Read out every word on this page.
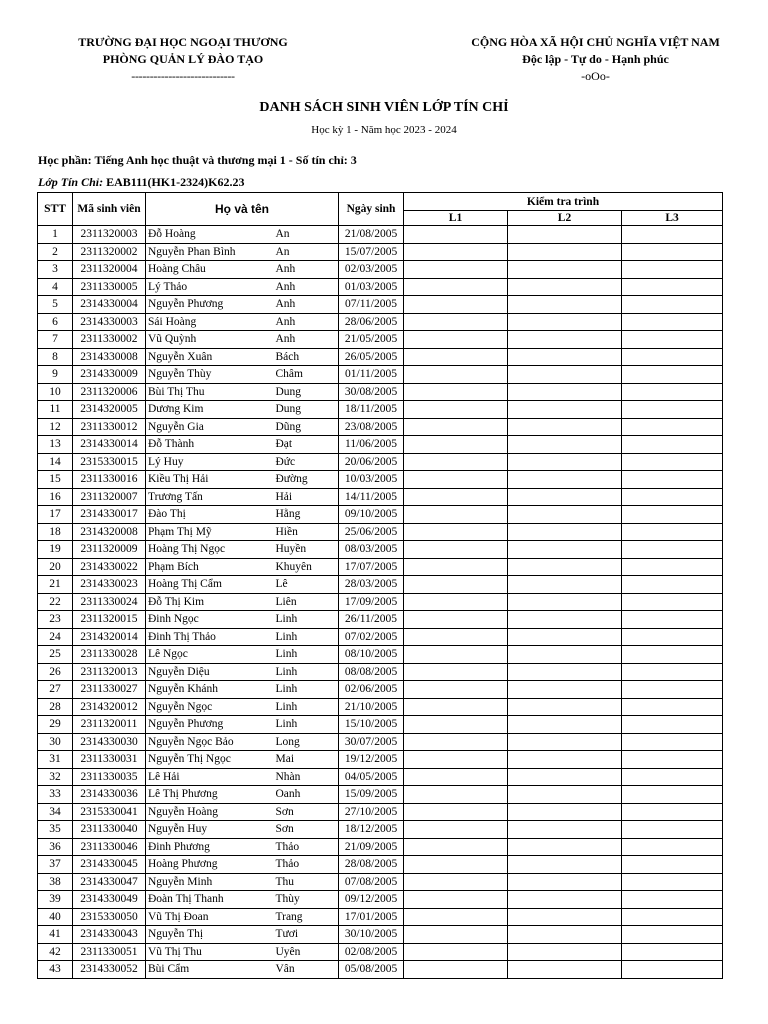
TRƯỜNG ĐẠI HỌC NGOẠI THƯƠNG
PHÒNG QUẢN LÝ ĐÀO TẠO
----------------------------
CỘNG HÒA XÃ HỘI CHỦ NGHĨA VIỆT NAM
Độc lập - Tự do - Hạnh phúc
-oOo-
DANH SÁCH SINH VIÊN LỚP TÍN CHỈ
Học kỳ 1 - Năm học 2023 - 2024
Học phần: Tiếng Anh học thuật và thương mại 1 - Số tín chỉ: 3
Lớp Tín Chỉ: EAB111(HK1-2324)K62.23
STT	Mã sinh viên	Họ và tên		Ngày sinh	Kiểm tra trình		
					L1	L2	L3
1	2311320003	Đỗ Hoàng	An	21/08/2005			
2	2311320002	Nguyễn Phan Bình	An	15/07/2005			
3	2311320004	Hoàng Châu	Anh	02/03/2005			
4	2311330005	Lý Thảo	Anh	01/03/2005			
5	2314330004	Nguyễn Phương	Anh	07/11/2005			
6	2314330003	Sái Hoàng	Anh	28/06/2005			
7	2311330002	Vũ Quỳnh	Anh	21/05/2005			
8	2314330008	Nguyễn Xuân	Bách	26/05/2005			
9	2314330009	Nguyễn Thùy	Châm	01/11/2005			
10	2311320006	Bùi Thị Thu	Dung	30/08/2005			
11	2314320005	Dương Kim	Dung	18/11/2005			
12	2311330012	Nguyễn Gia	Dũng	23/08/2005			
13	2314330014	Đỗ Thành	Đạt	11/06/2005			
14	2315330015	Lý Huy	Đức	20/06/2005			
15	2311330016	Kiều Thị Hải	Đường	10/03/2005			
16	2311320007	Trương Tấn	Hải	14/11/2005			
17	2314330017	Đào Thị	Hằng	09/10/2005			
18	2314320008	Phạm Thị Mỹ	Hiền	25/06/2005			
19	2311320009	Hoàng Thị Ngọc	Huyền	08/03/2005			
20	2314330022	Phạm Bích	Khuyên	17/07/2005			
21	2314330023	Hoàng Thị Cẩm	Lê	28/03/2005			
22	2311330024	Đỗ Thị Kim	Liên	17/09/2005			
23	2311320015	Đinh Ngọc	Linh	26/11/2005			
24	2314320014	Đinh Thị Thảo	Linh	07/02/2005			
25	2311330028	Lê Ngọc	Linh	08/10/2005			
26	2311320013	Nguyễn Diệu	Linh	08/08/2005			
27	2311330027	Nguyễn Khánh	Linh	02/06/2005			
28	2314320012	Nguyễn Ngọc	Linh	21/10/2005			
29	2311320011	Nguyễn Phương	Linh	15/10/2005			
30	2314330030	Nguyễn Ngọc Bảo	Long	30/07/2005			
31	2311330031	Nguyễn Thị Ngọc	Mai	19/12/2005			
32	2311330035	Lê Hải	Nhàn	04/05/2005			
33	2314330036	Lê Thị Phương	Oanh	15/09/2005			
34	2315330041	Nguyễn Hoàng	Sơn	27/10/2005			
35	2311330040	Nguyễn Huy	Sơn	18/12/2005			
36	2311330046	Đinh Phương	Thảo	21/09/2005			
37	2314330045	Hoàng Phương	Thảo	28/08/2005			
38	2314330047	Nguyễn Minh	Thu	07/08/2005			
39	2314330049	Đoàn Thị Thanh	Thùy	09/12/2005			
40	2315330050	Vũ Thị Đoan	Trang	17/01/2005			
41	2314330043	Nguyễn Thị	Tươi	30/10/2005			
42	2311330051	Vũ Thị Thu	Uyên	02/08/2005			
43	2314330052	Bùi Cẩm	Vân	05/08/2005			
